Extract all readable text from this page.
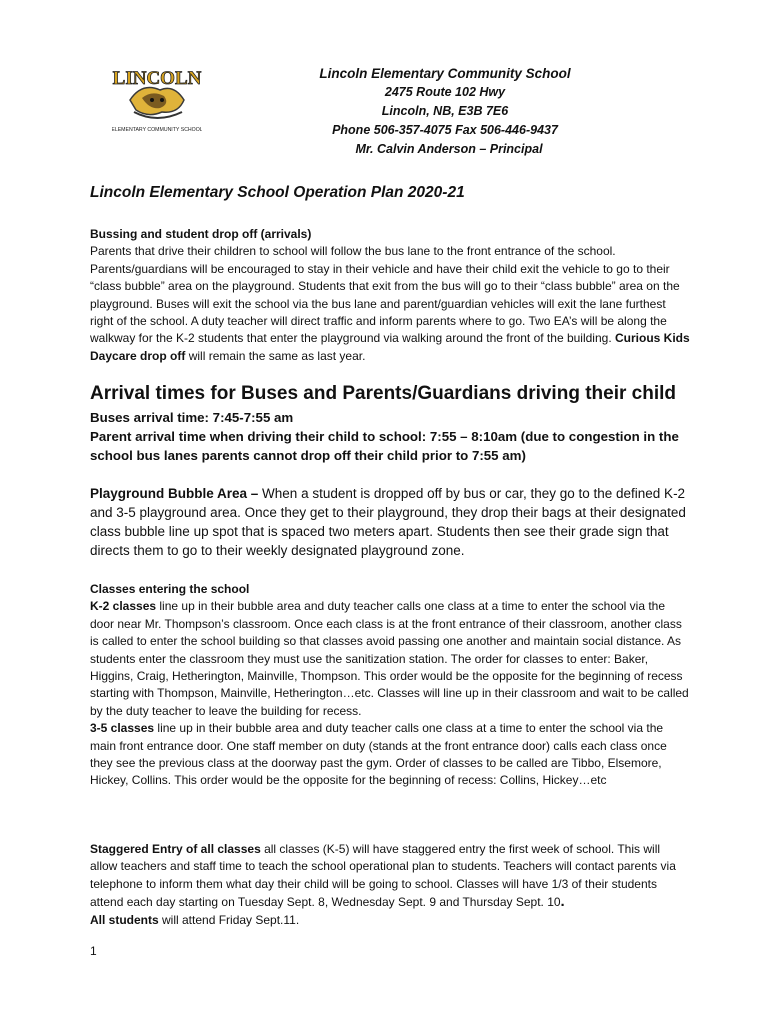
LINCOLN
ELEMENTARY COMMUNITY SCHOOL
Lincoln Elementary Community School
2475 Route 102 Hwy
Lincoln, NB, E3B 7E6
Phone 506-357-4075 Fax 506-446-9437
Mr. Calvin Anderson – Principal
Lincoln Elementary School Operation Plan 2020-21

Bussing and student drop off (arrivals)

Parents that drive their children to school will follow the bus lane to the front entrance of the school. Parents/guardians will be encouraged to stay in their vehicle and have their child exit the vehicle to go to their “class bubble” area on the playground. Students that exit from the bus will go to their “class bubble” area on the playground. Buses will exit the school via the bus lane and parent/guardian vehicles will exit the lane furthest right of the school. A duty teacher will direct traffic and inform parents where to go. Two EA’s will be along the walkway for the K-2 students that enter the playground via walking around the front of the building. Curious Kids Daycare drop off will remain the same as last year.

Arrival times for Buses and Parents/Guardians driving their child
Buses arrival time: 7:45-7:55 am
Parent arrival time when driving their child to school: 7:55 – 8:10am (due to congestion in the school bus lanes parents cannot drop off their child prior to 7:55 am)
Playground Bubble Area – When a student is dropped off by bus or car, they go to the defined K-2 and 3-5 playground area. Once they get to their playground, they drop their bags at their designated class bubble line up spot that is spaced two meters apart. Students then see their grade sign that directs them to go to their weekly designated playground zone.

Classes entering the school

K-2 classes line up in their bubble area and duty teacher calls one class at a time to enter the school via the door near Mr. Thompson’s classroom. Once each class is at the front entrance of their classroom, another class is called to enter the school building so that classes avoid passing one another and maintain social distance. As students enter the classroom they must use the sanitization station. The order for classes to enter: Baker, Higgins, Craig, Hetherington, Mainville, Thompson. This order would be the opposite for the beginning of recess starting with Thompson, Mainville, Hetherington…etc. Classes will line up in their classroom and wait to be called by the duty teacher to leave the building for recess.

3-5 classes line up in their bubble area and duty teacher calls one class at a time to enter the school via the main front entrance door. One staff member on duty (stands at the front entrance door) calls each class once they see the previous class at the doorway past the gym. Order of classes to be called are Tibbo, Elsemore, Hickey, Collins. This order would be the opposite for the beginning of recess: Collins, Hickey…etc

Staggered Entry of all classes all classes (K-5) will have staggered entry the first week of school. This will allow teachers and staff time to teach the school operational plan to students. Teachers will contact parents via telephone to inform them what day their child will be going to school. Classes will have 1/3 of their students attend each day starting on Tuesday Sept. 8, Wednesday Sept. 9 and Thursday Sept. 10.

All students will attend Friday Sept.11.

1
